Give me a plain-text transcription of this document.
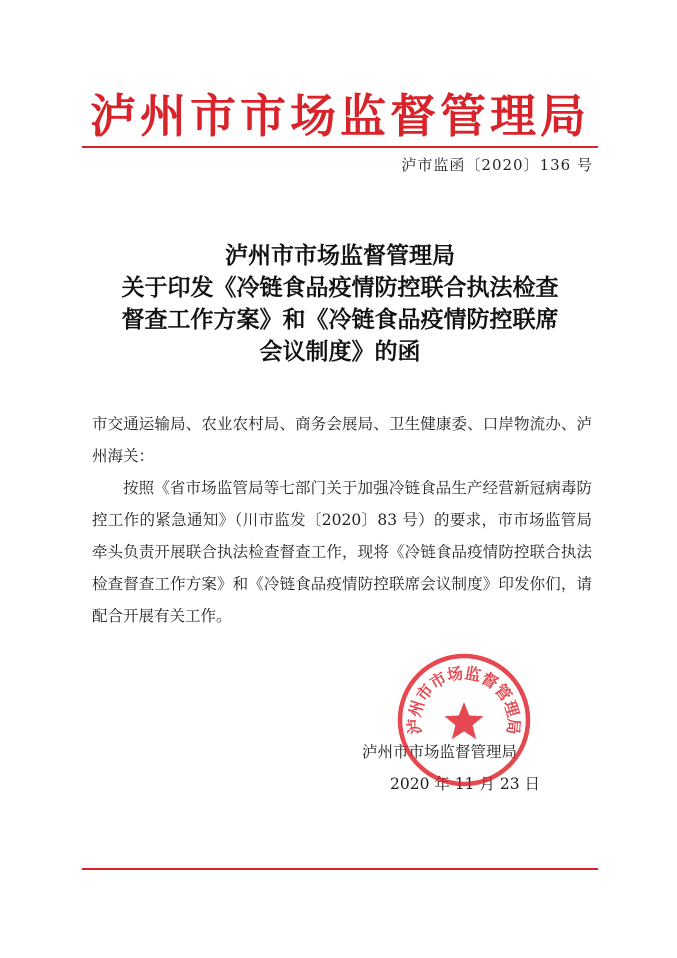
泸州市市场监督管理局
泸市监函〔2020〕136 号
泸州市市场监督管理局
关于印发《冷链食品疫情防控联合执法检查
督查工作方案》和《冷链食品疫情防控联席
会议制度》的函

市交通运输局、农业农村局、商务会展局、卫生健康委、口岸物流办、泸州海关：

按照《省市场监管局等七部门关于加强冷链食品生产经营新冠病毒防控工作的紧急通知》（川市监发〔2020〕83 号）的要求，市市场监管局牵头负责开展联合执法检查督查工作，现将《冷链食品疫情防控联合执法检查督查工作方案》和《冷链食品疫情防控联席会议制度》印发你们，请配合开展有关工作。

泸州市市场监督管理局
2020 年 11 月 23 日
泸州市市场监督管理局
